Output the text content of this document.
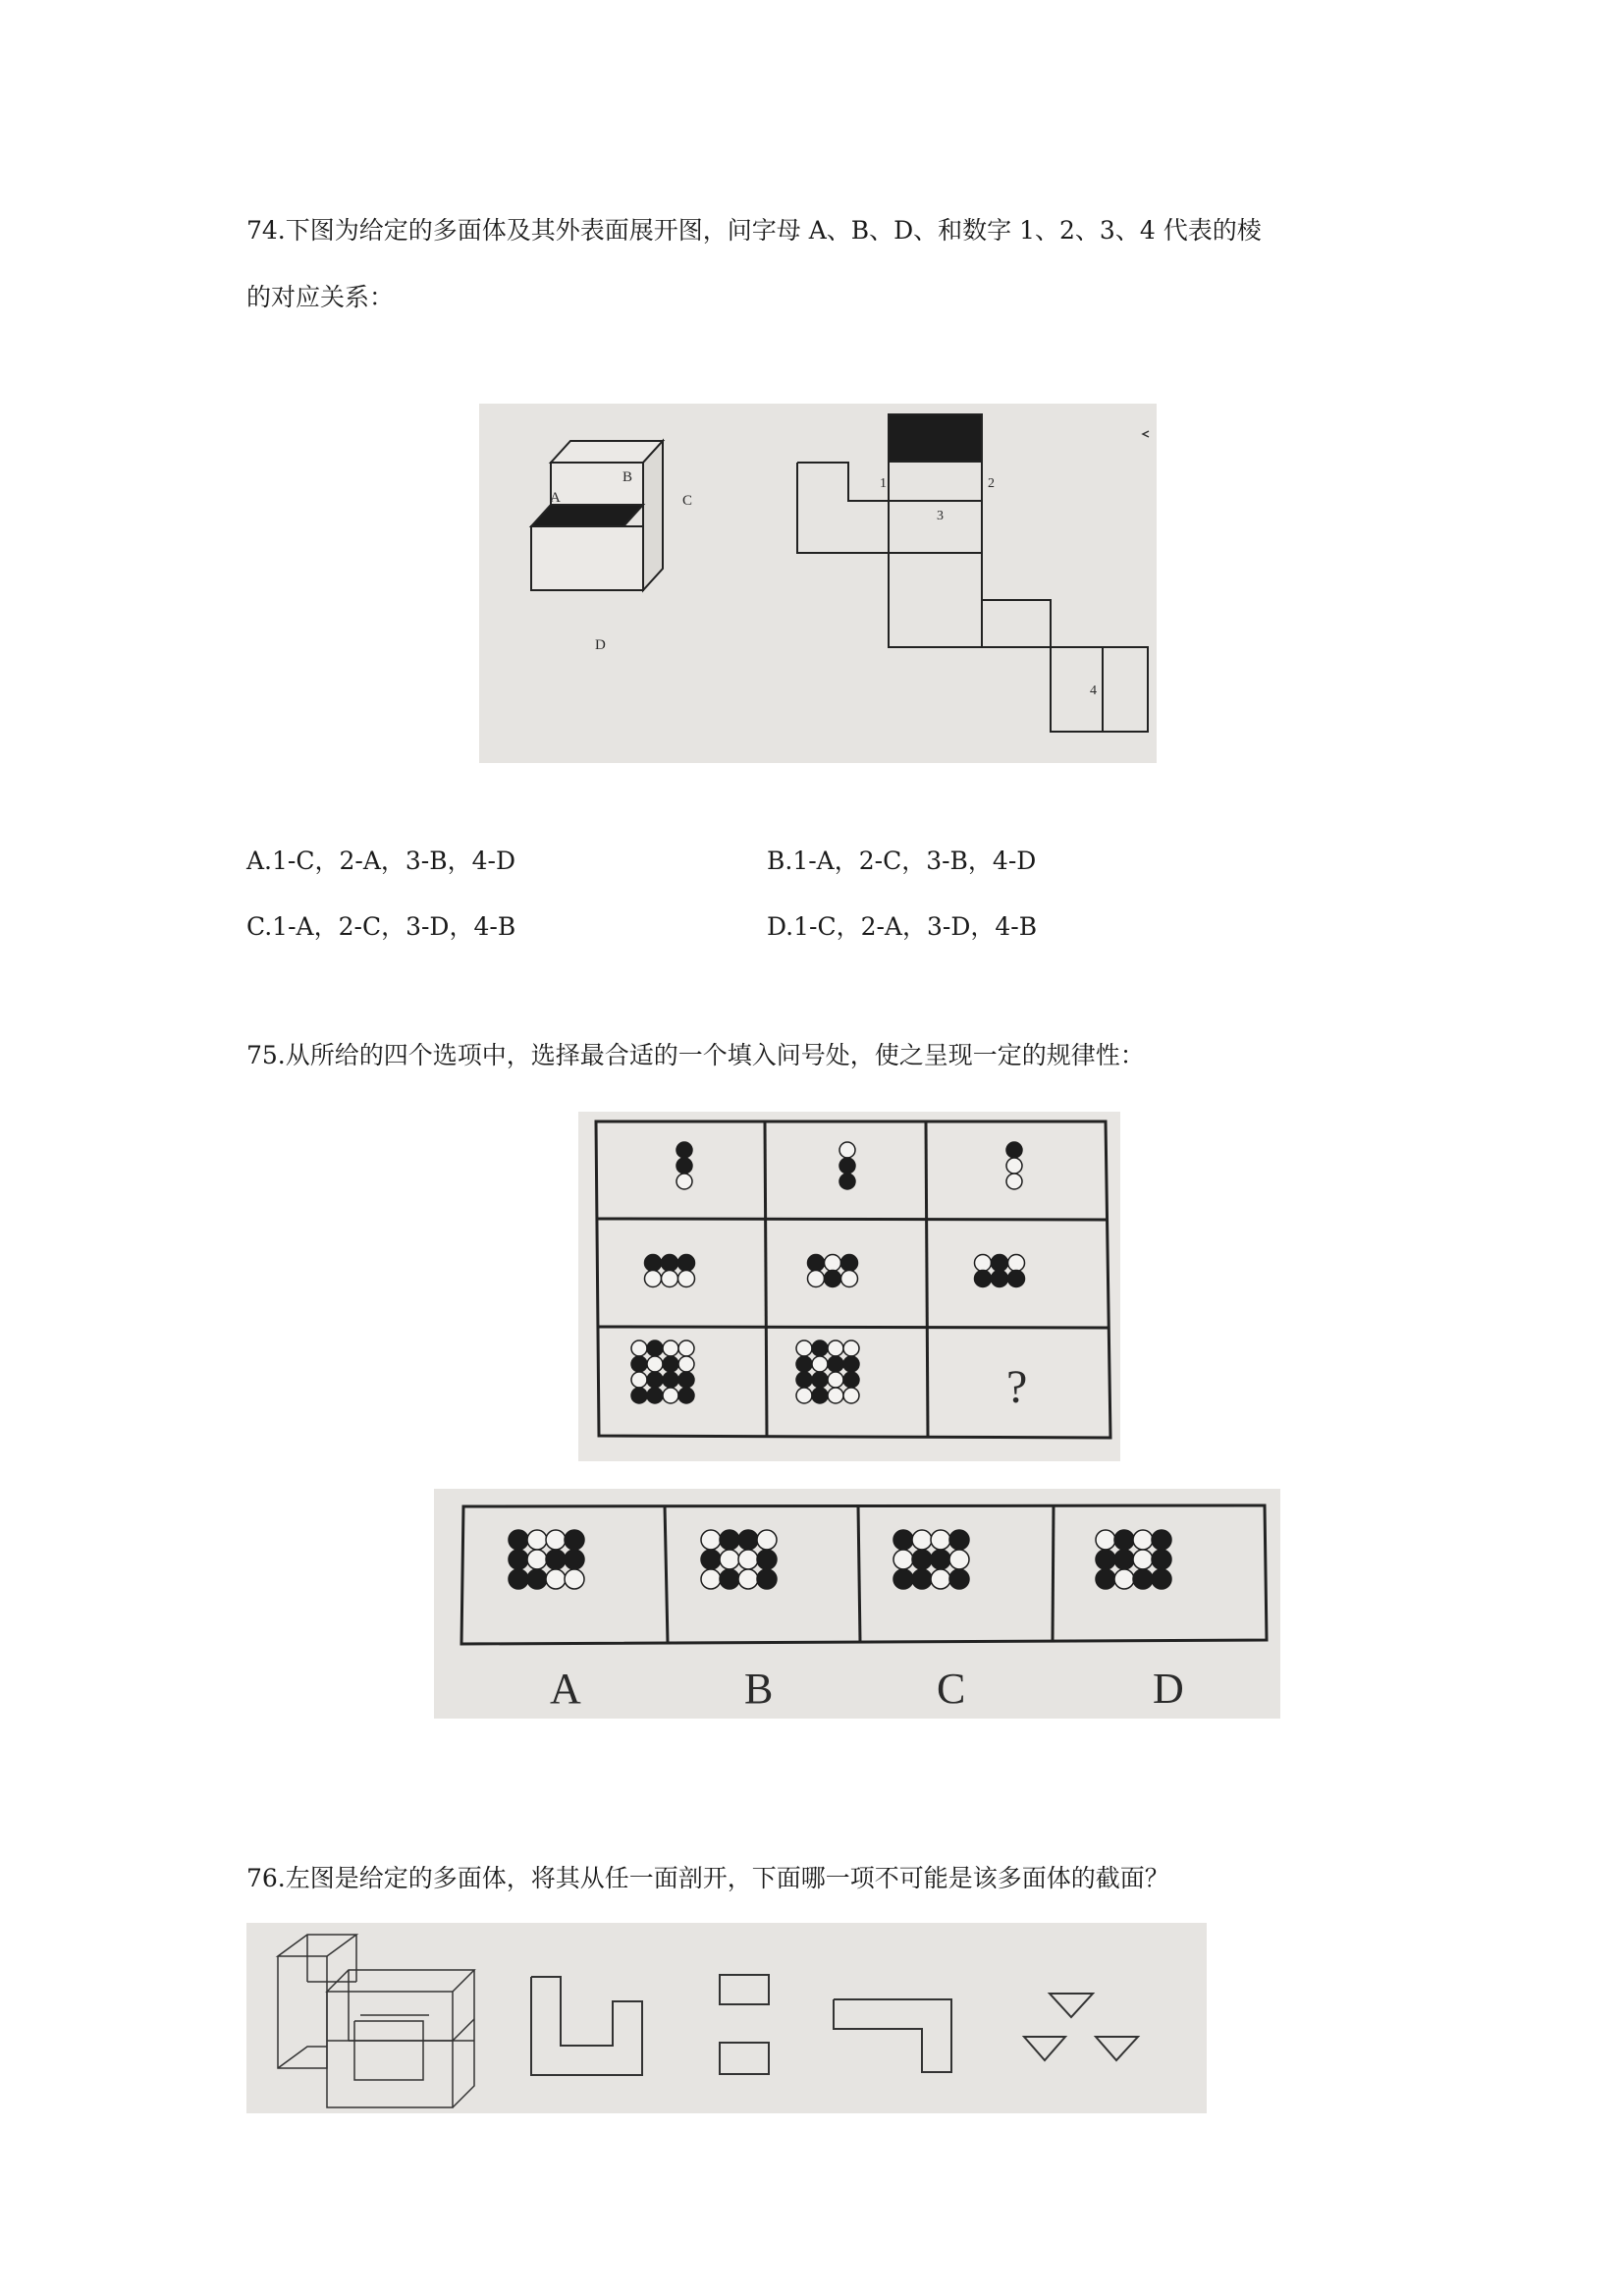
74.下图为给定的多面体及其外表面展开图，问字母 A、B、D、和数字 1、2、3、4 代表的棱
的对应关系：
A
B
C
D
1	2
3
4
A.1-C，2-A，3-B，4-D	B.1-A，2-C，3-B，4-D
C.1-A，2-C，3-D，4-B	D.1-C，2-A，3-D，4-B
75.从所给的四个选项中，选择最合适的一个填入问号处，使之呈现一定的规律性：
?
A	B	C	D
76.左图是给定的多面体，将其从任一面剖开，下面哪一项不可能是该多面体的截面？
